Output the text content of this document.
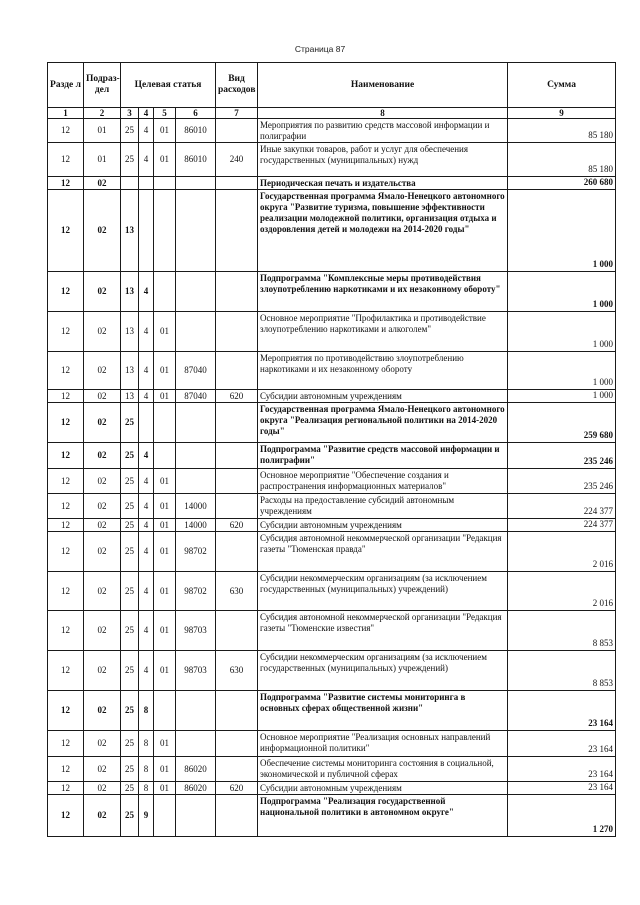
Страница 87
Разде л	Подраз- дел	Целевая статья				Вид расходов	Наименование	Сумма
1	2	3	4	5	6	7	8	9
12	01	25	4	01	86010		Мероприятия по развитию средств массовой информации и полиграфии	85 180
12	01	25	4	01	86010	240	Иные закупки товаров, работ и услуг для обеспечения государственных (муниципальных) нужд	85 180
12	02						Периодическая печать и издательства	260 680
12	02	13					Государственная программа Ямало-Ненецкого автономного округа "Развитие туризма, повышение эффективности реализации молодежной политики, организация отдыха и оздоровления детей и молодежи на 2014-2020 годы"	1 000
12	02	13	4				Подпрограмма "Комплексные меры противодействия злоупотреблению наркотиками и их незаконному обороту"	1 000
12	02	13	4	01			Основное мероприятие "Профилактика и противодействие злоупотреблению наркотиками и алкоголем"	1 000
12	02	13	4	01	87040		Мероприятия по противодействию злоупотреблению наркотиками и их незаконному обороту	1 000
12	02	13	4	01	87040	620	Субсидии автономным учреждениям	1 000
12	02	25					Государственная программа Ямало-Ненецкого автономного округа "Реализация региональной политики на 2014-2020 годы"	259 680
12	02	25	4				Подпрограмма "Развитие средств массовой информации и полиграфии"	235 246
12	02	25	4	01			Основное мероприятие "Обеспечение создания и распространения информационных материалов"	235 246
12	02	25	4	01	14000		Расходы на предоставление субсидий автономным учреждениям	224 377
12	02	25	4	01	14000	620	Субсидии автономным учреждениям	224 377
12	02	25	4	01	98702		Субсидия автономной некоммерческой организации "Редакция газеты "Тюменская правда"	2 016
12	02	25	4	01	98702	630	Субсидии некоммерческим организациям (за исключением государственных (муниципальных) учреждений)	2 016
12	02	25	4	01	98703		Субсидия автономной некоммерческой организации "Редакция газеты "Тюменские известия"	8 853
12	02	25	4	01	98703	630	Субсидии некоммерческим организациям (за исключением государственных (муниципальных) учреждений)	8 853
12	02	25	8				Подпрограмма "Развитие системы мониторинга в основных сферах общественной жизни"	23 164
12	02	25	8	01			Основное мероприятие "Реализация основных направлений информационной политики"	23 164
12	02	25	8	01	86020		Обеспечение системы мониторинга состояния в социальной, экономической и публичной сферах	23 164
12	02	25	8	01	86020	620	Субсидии автономным учреждениям	23 164
12	02	25	9				Подпрограмма "Реализация государственной национальной политики в автономном округе"	1 270
